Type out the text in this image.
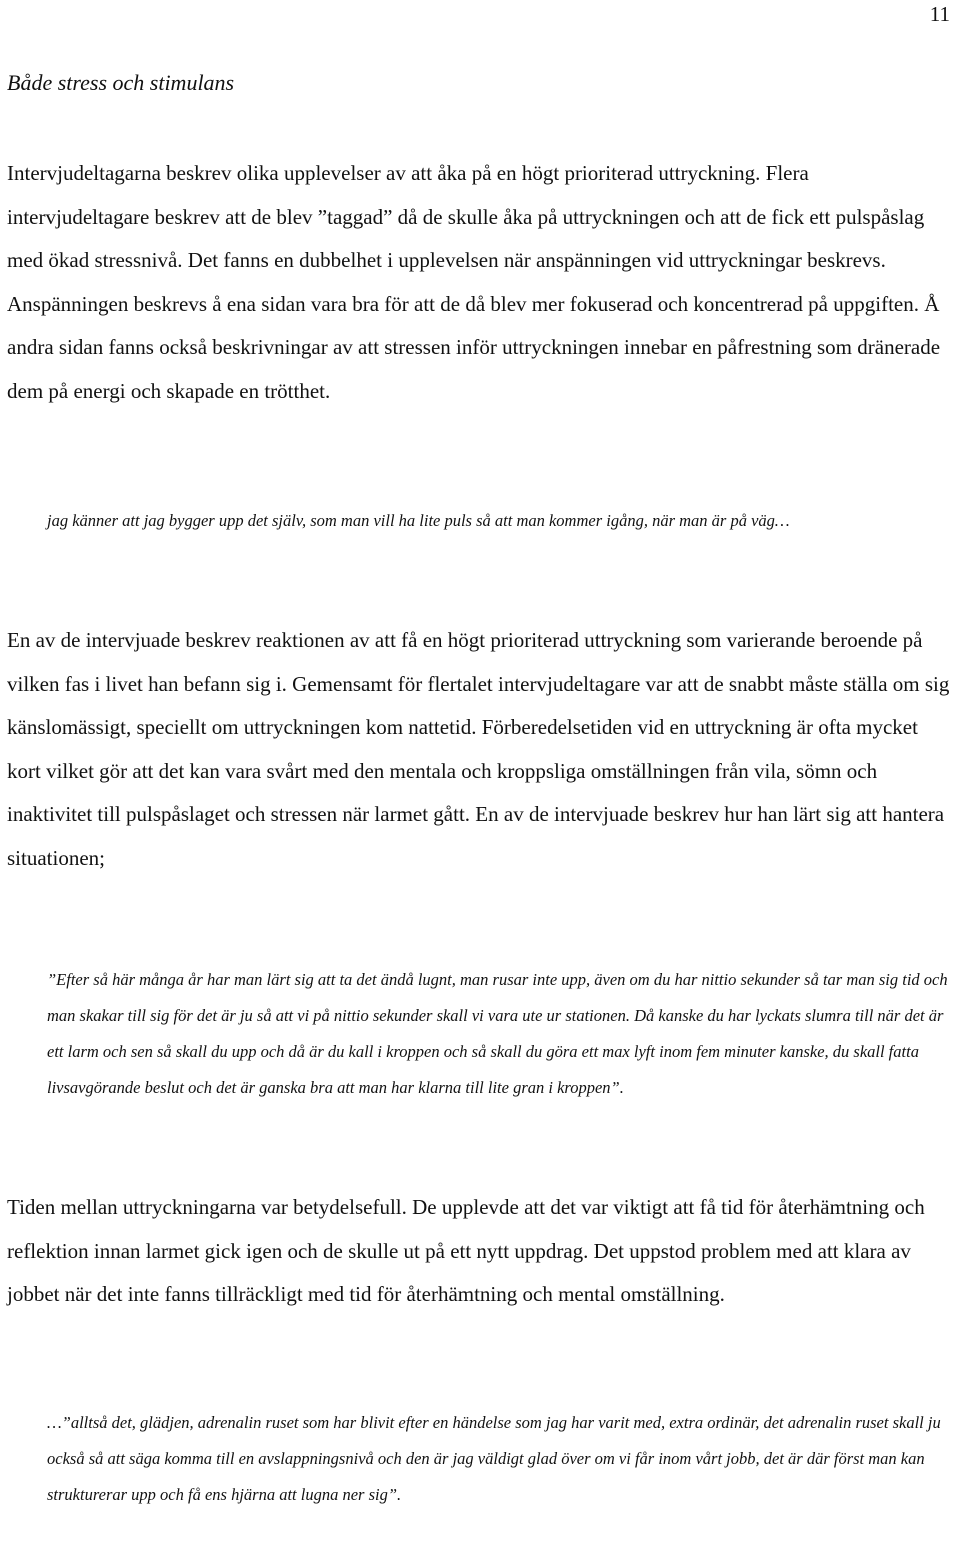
11
Både stress och stimulans

Intervjudeltagarna beskrev olika upplevelser av att åka på en högt prioriterad uttryckning. Flera intervjudeltagare beskrev att de blev ”taggad” då de skulle åka på uttryckningen och att de fick ett pulspåslag med ökad stressnivå. Det fanns en dubbelhet i upplevelsen när anspänningen vid uttryckningar beskrevs. Anspänningen beskrevs å ena sidan vara bra för att de då blev mer fokuserad och koncentrerad på uppgiften. Å andra sidan fanns också beskrivningar av att stressen inför uttryckningen innebar en påfrestning som dränerade dem på energi och skapade en trötthet.

jag känner att jag bygger upp det själv, som man vill ha lite puls så att man kommer igång, när man är på väg…

En av de intervjuade beskrev reaktionen av att få en högt prioriterad uttryckning som varierande beroende på vilken fas i livet han befann sig i. Gemensamt för flertalet intervjudeltagare var att de snabbt måste ställa om sig känslomässigt, speciellt om uttryckningen kom nattetid. Förberedelsetiden vid en uttryckning är ofta mycket kort vilket gör att det kan vara svårt med den mentala och kroppsliga omställningen från vila, sömn och inaktivitet till pulspåslaget och stressen när larmet gått. En av de intervjuade beskrev hur han lärt sig att hantera situationen;

”Efter så här många år har man lärt sig att ta det ändå lugnt, man rusar inte upp, även om du har nittio sekunder så tar man sig tid och man skakar till sig för det är ju så att vi på nittio sekunder skall vi vara ute ur stationen. Då kanske du har lyckats slumra till när det är ett larm och sen så skall du upp och då är du kall i kroppen och så skall du göra ett max lyft inom fem minuter kanske, du skall fatta livsavgörande beslut och det är ganska bra att man har klarna till lite gran i kroppen”.

Tiden mellan uttryckningarna var betydelsefull. De upplevde att det var viktigt att få tid för återhämtning och reflektion innan larmet gick igen och de skulle ut på ett nytt uppdrag. Det uppstod problem med att klara av jobbet när det inte fanns tillräckligt med tid för återhämtning och mental omställning.

…”alltså det, glädjen, adrenalin ruset som har blivit efter en händelse som jag har varit med, extra ordinär, det adrenalin ruset skall ju också så att säga komma till en avslappningsnivå och den är jag väldigt glad över om vi får inom vårt jobb, det är där först man kan strukturerar upp och få ens hjärna att lugna ner sig”.
